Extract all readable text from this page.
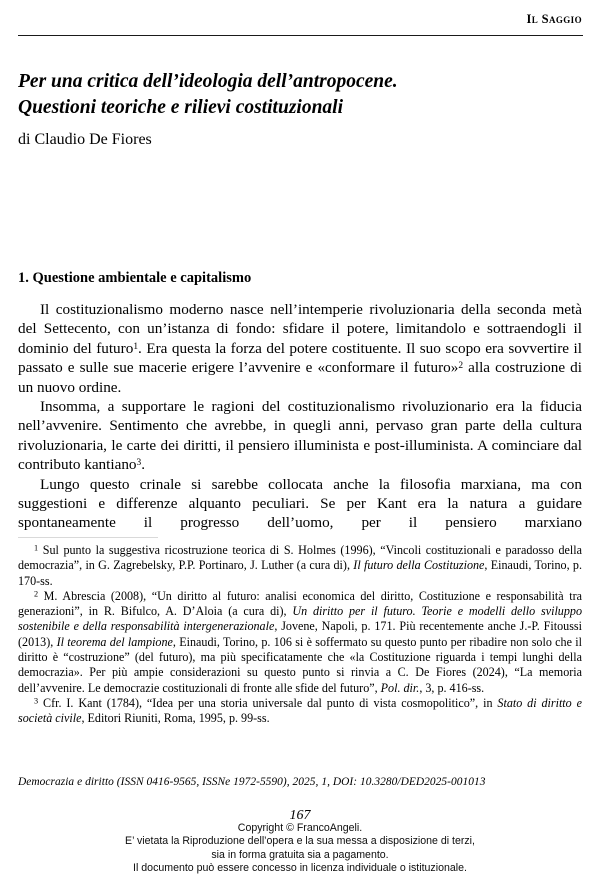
Il Saggio
Per una critica dell’ideologia dell’antropocene.
Questioni teoriche e rilievi costituzionali
di Claudio De Fiores
1. Questione ambientale e capitalismo

Il costituzionalismo moderno nasce nell’intemperie rivoluzionaria della seconda metà del Settecento, con un’istanza di fondo: sfidare il potere, limitandolo e sottraendogli il dominio del futuro$^1$. Era questa la forza del potere costituente. Il suo scopo era sovvertire il passato e sulle sue macerie erigere l’avvenire e «conformare il futuro»$^2$ alla costruzione di un nuovo ordine.

Insomma, a supportare le ragioni del costituzionalismo rivoluzionario era la fiducia nell’avvenire. Sentimento che avrebbe, in quegli anni, pervaso gran parte della cultura rivoluzionaria, le carte dei diritti, il pensiero illuminista e post-illuminista. A cominciare dal contributo kantiano$^3$.

Lungo questo crinale si sarebbe collocata anche la filosofia marxiana, ma con suggestioni e differenze alquanto peculiari. Se per Kant era la natura a guidare spontaneamente il progresso dell’uomo, per il pensiero marxiano

$^1$ Sul punto la suggestiva ricostruzione teorica di S. Holmes (1996), “Vincoli costituzionali e paradosso della democrazia”, in G. Zagrebelsky, P.P. Portinaro, J. Luther (a cura di), Il futuro della Costituzione, Einaudi, Torino, p. 170-ss.

$^2$ M. Abrescia (2008), “Un diritto al futuro: analisi economica del diritto, Costituzione e responsabilità tra generazioni”, in R. Bifulco, A. D’Aloia (a cura di), Un diritto per il futuro. Teorie e modelli dello sviluppo sostenibile e della responsabilità intergenerazionale, Jovene, Napoli, p. 171. Più recentemente anche J.-P. Fitoussi (2013), Il teorema del lampione, Einaudi, Torino, p. 106 si è soffermato su questo punto per ribadire non solo che il diritto è “costruzione” (del futuro), ma più specificatamente che «la Costituzione riguarda i tempi lunghi della democrazia». Per più ampie considerazioni su questo punto si rinvia a C. De Fiores (2024), “La memoria dell’avvenire. Le democrazie costituzionali di fronte alle sfide del futuro”, Pol. dir., 3, p. 416-ss.

$^3$ Cfr. I. Kant (1784), “Idea per una storia universale dal punto di vista cosmopolitico”, in Stato di diritto e società civile, Editori Riuniti, Roma, 1995, p. 99-ss.

Democrazia e diritto (ISSN 0416-9565, ISSNe 1972-5590), 2025, 1, DOI: 10.3280/DED2025-001013
167
Copyright © FrancoAngeli.
E’ vietata la Riproduzione dell’opera e la sua messa a disposizione di terzi,
sia in forma gratuita sia a pagamento.
Il documento può essere concesso in licenza individuale o istituzionale.
